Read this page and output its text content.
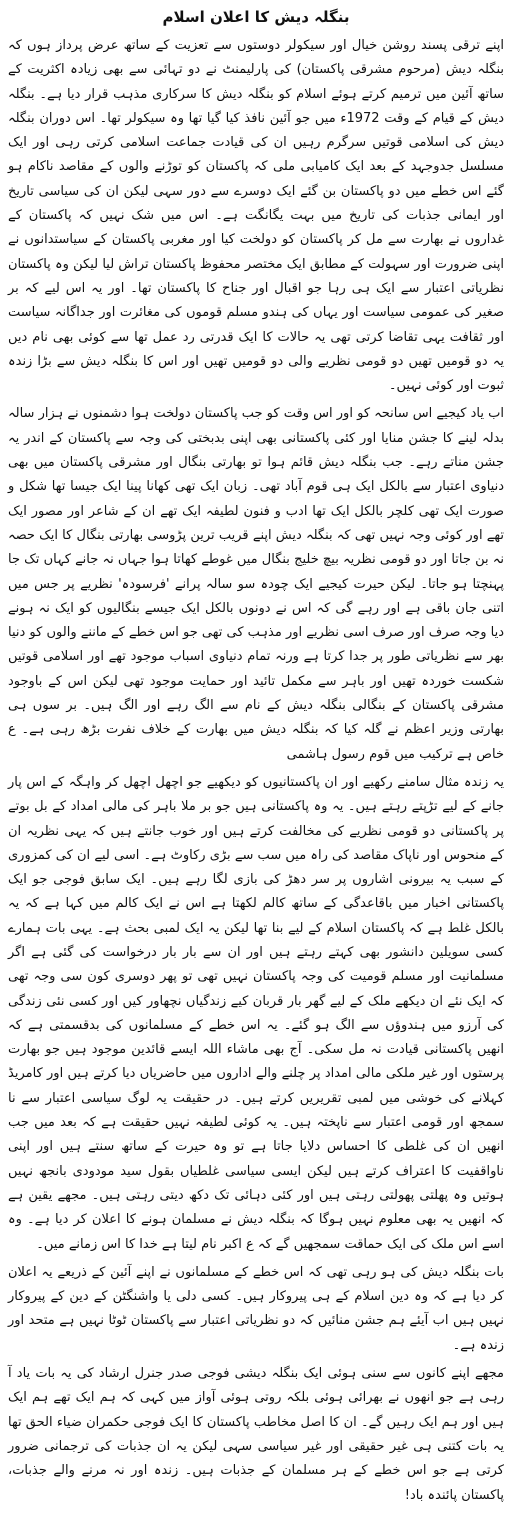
بنگلہ دیش کا اعلان اسلام

اپنے ترقی پسند روشن خیال اور سیکولر دوستوں سے تعزیت کے ساتھ عرض پرداز ہوں کہ بنگلہ دیش (مرحوم مشرقی پاکستان) کی پارلیمنٹ نے دو تہائی سے بھی زیادہ اکثریت کے ساتھ آئین میں ترمیم کرتے ہوئے اسلام کو بنگلہ دیش کا سرکاری مذہب قرار دیا ہے۔ بنگلہ دیش کے قیام کے وقت 1972ء میں جو آئین نافذ کیا گیا تھا وہ سیکولر تھا۔ اس دوران بنگلہ دیش کی اسلامی قوتیں سرگرم رہیں ان کی قیادت جماعت اسلامی کرتی رہی اور ایک مسلسل جدوجہد کے بعد ایک کامیابی ملی کہ پاکستان کو توڑنے والوں کے مقاصد ناکام ہو گئے اس خطے میں دو پاکستان بن گئے ایک دوسرے سے دور سہی لیکن ان کی سیاسی تاریخ اور ایمانی جذبات کی تاریخ میں بہت یگانگت ہے۔ اس میں شک نہیں کہ پاکستان کے غداروں نے بھارت سے مل کر پاکستان کو دولخت کیا اور مغربی پاکستان کے سیاستدانوں نے اپنی ضرورت اور سہولت کے مطابق ایک مختصر محفوظ پاکستان تراش لیا لیکن وہ پاکستان نظریاتی اعتبار سے ایک ہی رہا جو اقبال اور جناح کا پاکستان تھا۔ اور یہ اس لیے کہ بر صغیر کی عمومی سیاست اور یہاں کی ہندو مسلم قوموں کی مغائرت اور جداگانہ سیاست اور ثقافت یہی تقاضا کرتی تھی یہ حالات کا ایک قدرتی رد عمل تھا سے کوئی بھی نام دیں یہ دو قومیں تھیں دو قومی نظریے والی دو قومیں تھیں اور اس کا بنگلہ دیش سے بڑا زندہ ثبوت اور کوئی نہیں۔

اب یاد کیجیے اس سانحہ کو اور اس وقت کو جب پاکستان دولخت ہوا دشمنوں نے ہزار سالہ بدلہ لینے کا جشن منایا اور کئی پاکستانی بھی اپنی بدبختی کی وجہ سے پاکستان کے اندر یہ جشن مناتے رہے۔ جب بنگلہ دیش قائم ہوا تو بھارتی بنگال اور مشرقی پاکستان میں بھی دنیاوی اعتبار سے بالکل ایک ہی قوم آباد تھی۔ زبان ایک تھی کھانا پینا ایک جیسا تھا شکل و صورت ایک تھی کلچر بالکل ایک تھا ادب و فنون لطیفہ ایک تھے ان کے شاعر اور مصور ایک تھے اور کوئی وجہ نہیں تھی کہ بنگلہ دیش اپنے قریب ترین پڑوسی بھارتی بنگال کا ایک حصہ نہ بن جاتا اور دو قومی نظریہ بیچ خلیج بنگال میں غوطے کھاتا ہوا جہاں نہ جانے کہاں تک جا پہنچتا ہو جاتا۔ لیکن حیرت کیجیے ایک چودہ سو سالہ پرانے 'فرسودہ' نظریے پر جس میں اتنی جان باقی ہے اور رہے گی کہ اس نے دونوں بالکل ایک جیسے بنگالیوں کو ایک نہ ہونے دیا وجہ صرف اور صرف اسی نظریے اور مذہب کی تھی جو اس خطے کے ماننے والوں کو دنیا بھر سے نظریاتی طور پر جدا کرتا ہے ورنہ تمام دنیاوی اسباب موجود تھے اور اسلامی قوتیں شکست خوردہ تھیں اور باہر سے مکمل تائید اور حمایت موجود تھی لیکن اس کے باوجود مشرقی پاکستان کے بنگالی بنگلہ دیش کے نام سے الگ رہے اور الگ ہیں۔ بر سوں ہی بھارتی وزیر اعظم نے گلہ کیا کہ بنگلہ دیش میں بھارت کے خلاف نفرت بڑھ رہی ہے۔ ع خاص ہے ترکیب میں قوم رسول ہاشمی

یہ زندہ مثال سامنے رکھیے اور ان پاکستانیوں کو دیکھیے جو اچھل اچھل کر واہگہ کے اس پار جانے کے لیے تڑپتے رہتے ہیں۔ یہ وہ پاکستانی ہیں جو بر ملا باہر کی مالی امداد کے بل بوتے پر پاکستانی دو قومی نظریے کی مخالفت کرتے ہیں اور خوب جانتے ہیں کہ یہی نظریہ ان کے منحوس اور ناپاک مقاصد کی راہ میں سب سے بڑی رکاوٹ ہے۔ اسی لیے ان کی کمزوری کے سبب یہ بیرونی اشاروں پر سر دھڑ کی بازی لگا رہے ہیں۔ ایک سابق فوجی جو ایک پاکستانی اخبار میں باقاعدگی کے ساتھ کالم لکھتا ہے اس نے ایک کالم میں کہا ہے کہ یہ بالکل غلط ہے کہ پاکستان اسلام کے لیے بنا تھا لیکن یہ ایک لمبی بحث ہے۔ یہی بات ہمارے کسی سویلین دانشور بھی کہتے رہتے ہیں اور ان سے بار بار درخواست کی گئی ہے اگر مسلمانیت اور مسلم قومیت کی وجہ پاکستان نہیں تھی تو پھر دوسری کون سی وجہ تھی کہ ایک نئے ان دیکھے ملک کے لیے گھر بار قربان کیے زندگیاں نچھاور کیں اور کسی نئی زندگی کی آرزو میں ہندوؤں سے الگ ہو گئے۔ یہ اس خطے کے مسلمانوں کی بدقسمتی ہے کہ انھیں پاکستانی قیادت نہ مل سکی۔ آج بھی ماشاء اللہ ایسے قائدین موجود ہیں جو بھارت پرستوں اور غیر ملکی مالی امداد پر چلنے والے اداروں میں حاضریاں دیا کرتے ہیں اور کامریڈ کہلانے کی خوشی میں لمبی تقریریں کرتے ہیں۔ در حقیقت یہ لوگ سیاسی اعتبار سے نا سمجھ اور قومی اعتبار سے ناپختہ ہیں۔ یہ کوئی لطیفہ نہیں حقیقت ہے کہ بعد میں جب انھیں ان کی غلطی کا احساس دلایا جاتا ہے تو وہ حیرت کے ساتھ سنتے ہیں اور اپنی ناواقفیت کا اعتراف کرتے ہیں لیکن ایسی سیاسی غلطیاں بقول سید مودودی بانجھ نہیں ہوتیں وہ پھلتی پھولتی رہتی ہیں اور کئی دہائی تک دکھ دیتی رہتی ہیں۔ مجھے یقین ہے کہ انھیں یہ بھی معلوم نہیں ہوگا کہ بنگلہ دیش نے مسلمان ہونے کا اعلان کر دیا ہے۔ وہ اسے اس ملک کی ایک حماقت سمجھیں گے کہ ع اکبر نام لیتا ہے خدا کا اس زمانے میں۔

بات بنگلہ دیش کی ہو رہی تھی کہ اس خطے کے مسلمانوں نے اپنے آئین کے ذریعے یہ اعلان کر دیا ہے کہ وہ دین اسلام کے ہی پیروکار ہیں۔ کسی دلی یا واشنگٹن کے دین کے پیروکار نہیں ہیں اب آیئے ہم جشن منائیں کہ دو نظریاتی اعتبار سے پاکستان ٹوٹا نہیں ہے متحد اور زندہ ہے۔

مجھے اپنے کانوں سے سنی ہوئی ایک بنگلہ دیشی فوجی صدر جنرل ارشاد کی یہ بات یاد آ رہی ہے جو انھوں نے بھرائی ہوئی بلکہ روتی ہوئی آواز میں کہی کہ ہم ایک تھے ہم ایک ہیں اور ہم ایک رہیں گے۔ ان کا اصل مخاطب پاکستان کا ایک فوجی حکمران ضیاء الحق تھا یہ بات کتنی ہی غیر حقیقی اور غیر سیاسی سہی لیکن یہ ان جذبات کی ترجمانی ضرور کرتی ہے جو اس خطے کے ہر مسلمان کے جذبات ہیں۔ زندہ اور نہ مرنے والے جذبات، پاکستان پائندہ باد!
